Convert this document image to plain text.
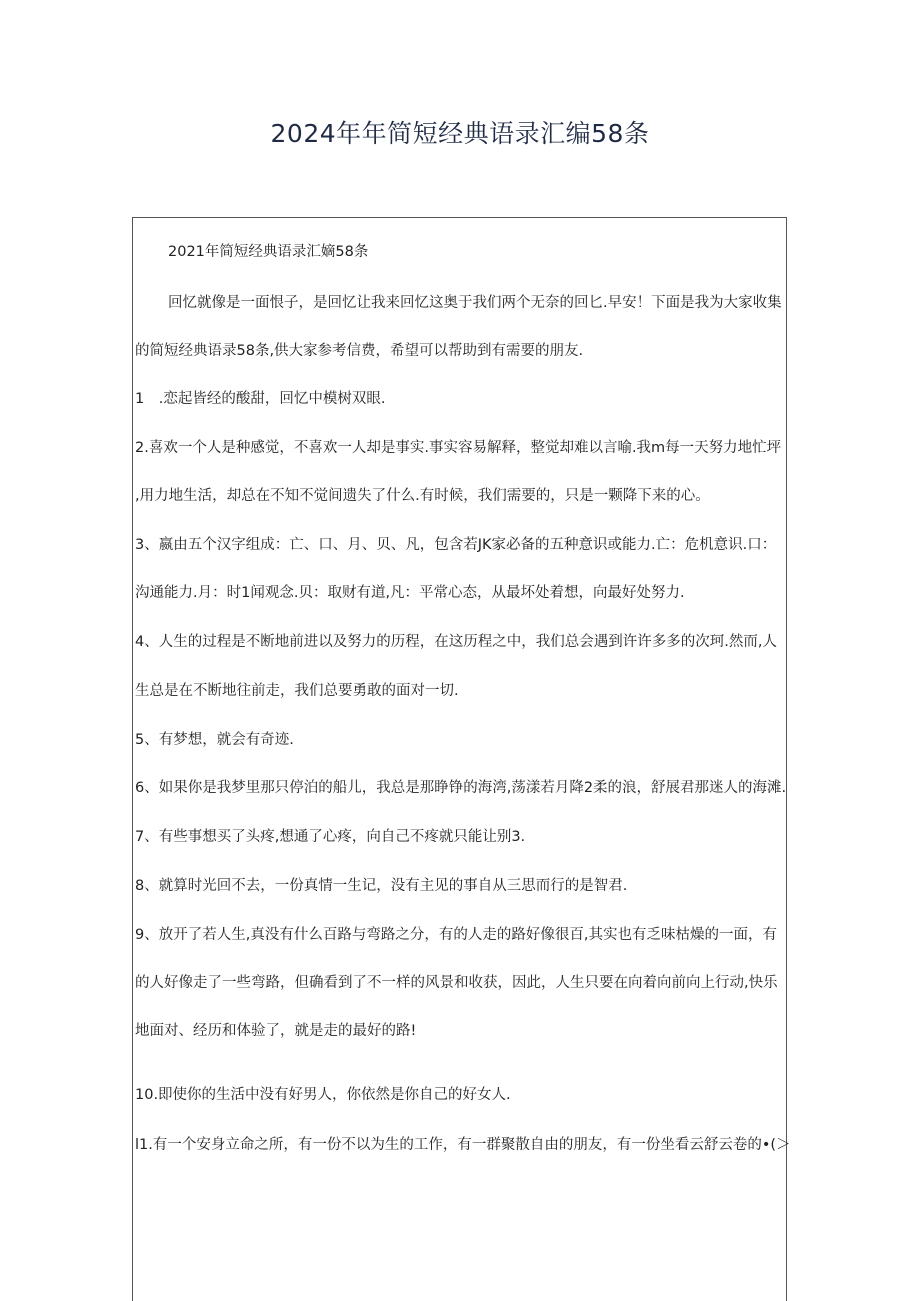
2024年年简短经典语录汇编58条
2021年简短经典语录汇嫡58条
回忆就像是一面恨子，是回忆让我来回忆这奥于我们两个无奈的回匕.早安！下面是我为大家收集
的简短经典语录58条,供大家参考信费，希望可以帮助到有需要的朋友.
1　.恋起皆经的酸甜，回忆中模树双眼.
2.喜欢一个人是种感觉，不喜欢一人却是事实.事实容易解释，整觉却难以言喻.我m每一天努力地忙坪
,用力地生活，却总在不知不觉间遗失了什么.有时候，我们需要的，只是一颗降下来的心。
3、嬴由五个汉字组成：亡、口、月、贝、凡，包含若JK家必备的五种意识或能力.亡：危机意识.口：
沟通能力.月：时1闻观念.贝：取财有道,凡：平常心态，从最坏处着想，向最好处努力.
4、人生的过程是不断地前进以及努力的历程，在这历程之中，我们总会遇到许许多多的次珂.然而,人
生总是在不断地往前走，我们总要勇敢的面对一切.
5、有梦想，就会有奇迹.
6、如果你是我梦里那只停泊的船儿，我总是那睁铮的海湾,荡漾若月降2柔的浪，舒展君那迷人的海滩.
7、有些事想买了头疼,想通了心疼，向自己不疼就只能让别3.
8、就算时光回不去，一份真情一生记，没有主见的事自从三思而行的是智君.
9、放开了若人生,真没有什么百路与弯路之分，有的人走的路好像很百,其实也有乏味枯燥的一面，有
的人好像走了一些弯路，但确看到了不一样的风景和收获，因此，人生只要在向着向前向上行动,快乐
地面对、经历和体验了，就是走的最好的路!
10.即使你的生活中没有好男人，你依然是你自己的好女人.
l1.有一个安身立命之所，有一份不以为生的工作，有一群聚散自由的朋友，有一份坐看云舒云卷的•(＞
